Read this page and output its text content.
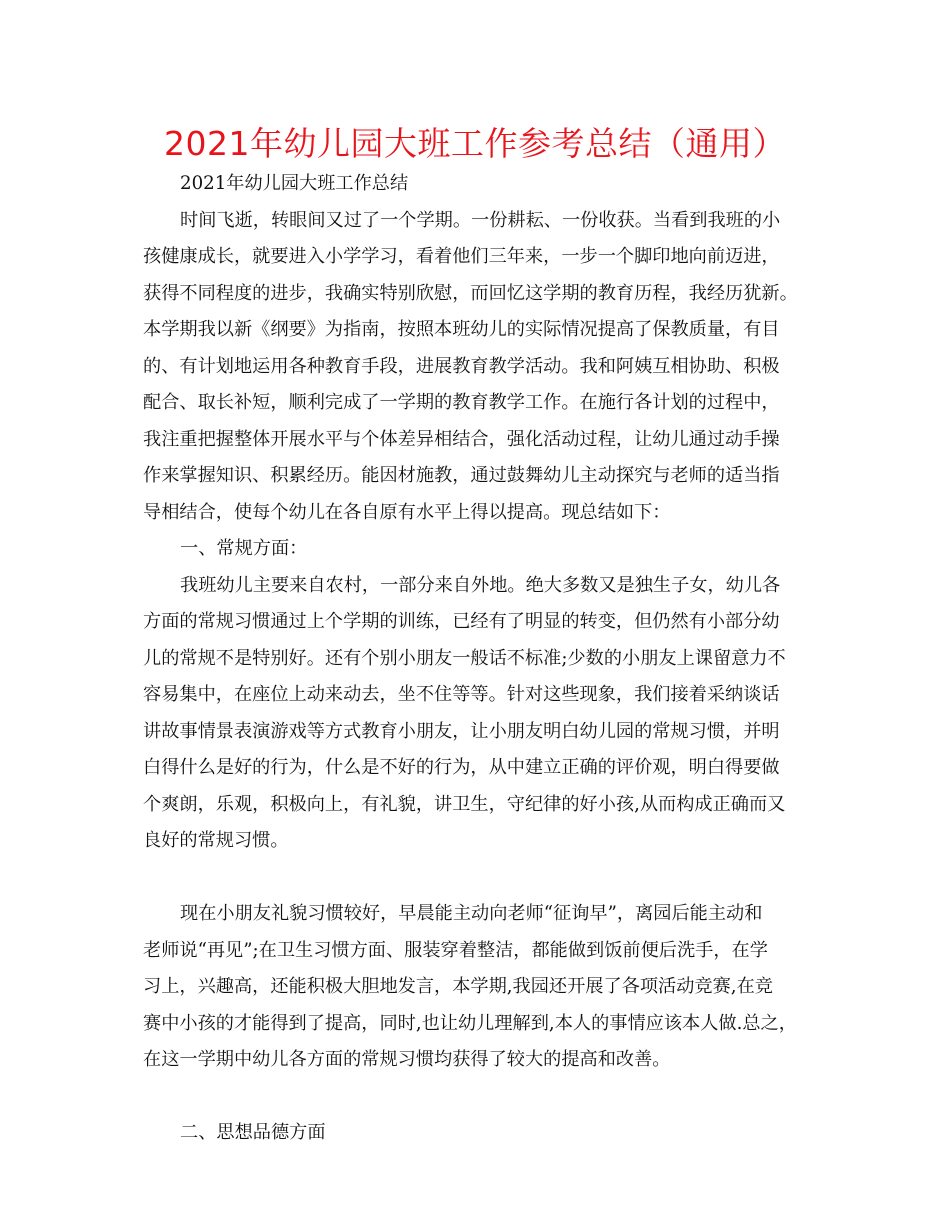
2021年幼儿园大班工作参考总结（通用）
2021年幼儿园大班工作总结
时间飞逝，转眼间又过了一个学期。一份耕耘、一份收获。当看到我班的小
孩健康成长，就要进入小学学习，看着他们三年来，一步一个脚印地向前迈进，
获得不同程度的进步，我确实特别欣慰，而回忆这学期的教育历程，我经历犹新。
本学期我以新《纲要》为指南，按照本班幼儿的实际情况提高了保教质量，有目
的、有计划地运用各种教育手段，进展教育教学活动。我和阿姨互相协助、积极
配合、取长补短，顺利完成了一学期的教育教学工作。在施行各计划的过程中，
我注重把握整体开展水平与个体差异相结合，强化活动过程，让幼儿通过动手操
作来掌握知识、积累经历。能因材施教，通过鼓舞幼儿主动探究与老师的适当指
导相结合，使每个幼儿在各自原有水平上得以提高。现总结如下：
一、常规方面：
我班幼儿主要来自农村，一部分来自外地。绝大多数又是独生子女，幼儿各
方面的常规习惯通过上个学期的训练，已经有了明显的转变，但仍然有小部分幼
儿的常规不是特别好。还有个别小朋友一般话不标准;少数的小朋友上课留意力不
容易集中，在座位上动来动去，坐不住等等。针对这些现象，我们接着采纳谈话
讲故事情景表演游戏等方式教育小朋友，让小朋友明白幼儿园的常规习惯，并明
白得什么是好的行为，什么是不好的行为，从中建立正确的评价观，明白得要做
个爽朗，乐观，积极向上，有礼貌，讲卫生，守纪律的好小孩,从而构成正确而又
良好的常规习惯。
现在小朋友礼貌习惯较好，早晨能主动向老师“征询早”，离园后能主动和
老师说“再见”;在卫生习惯方面、服装穿着整洁，都能做到饭前便后洗手，在学
习上，兴趣高，还能积极大胆地发言，本学期,我园还开展了各项活动竞赛,在竞
赛中小孩的才能得到了提高，同时,也让幼儿理解到,本人的事情应该本人做.总之，
在这一学期中幼儿各方面的常规习惯均获得了较大的提高和改善。
二、思想品德方面
